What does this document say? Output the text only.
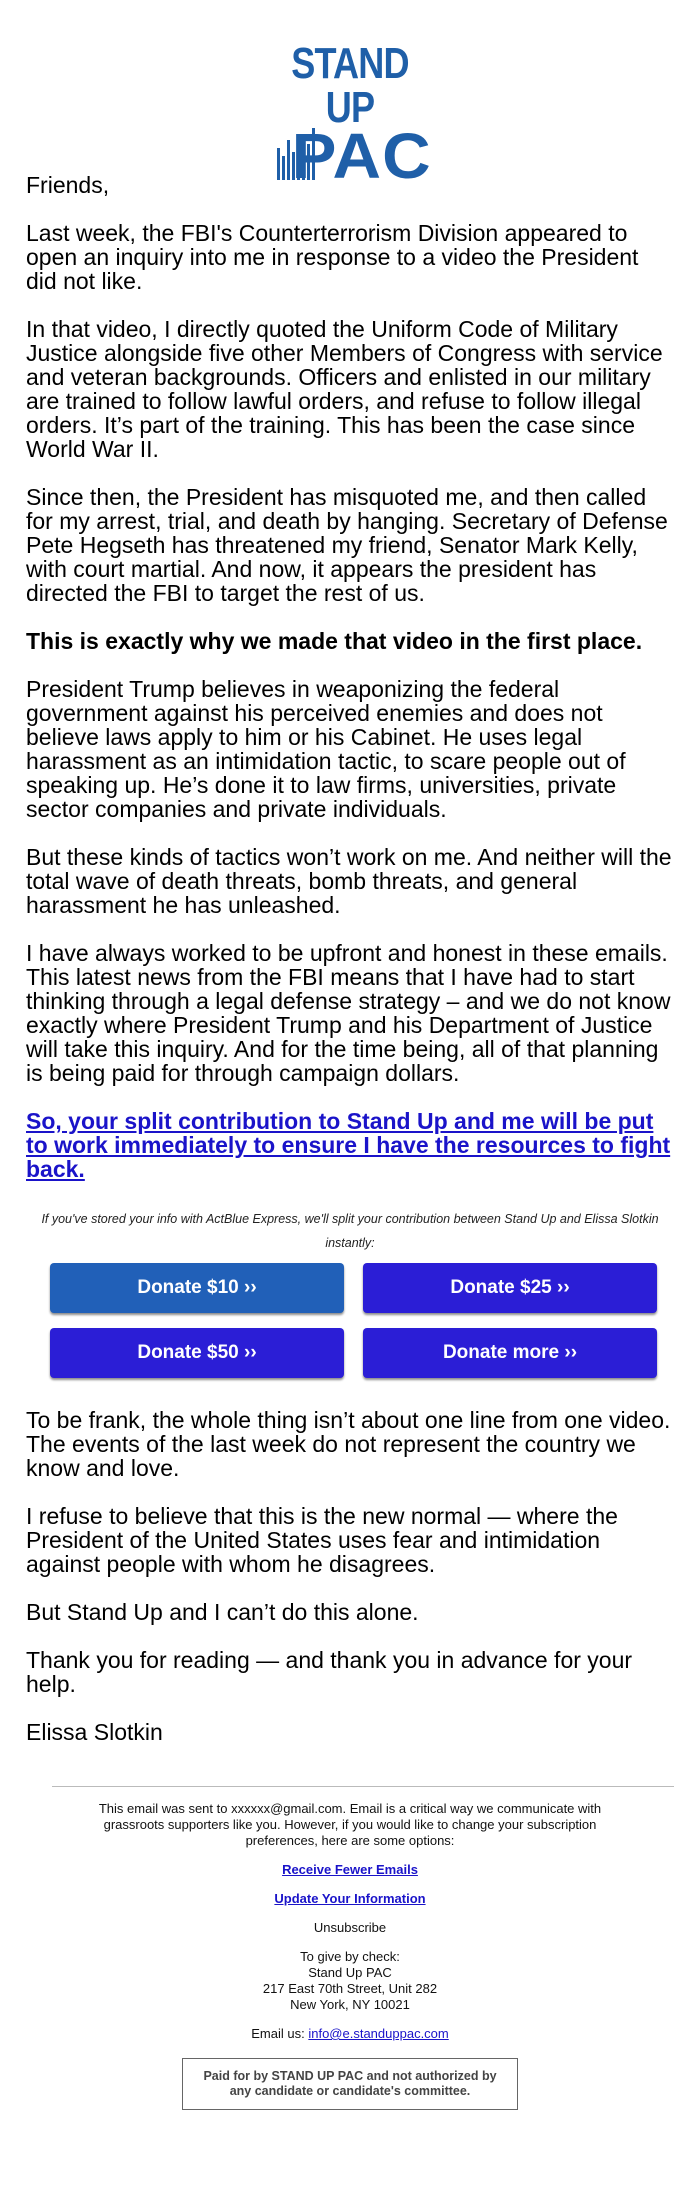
STAND UP
PAC

Friends,

Last week, the FBI's Counterterrorism Division appeared to open an inquiry into me in response to a video the President did not like.

In that video, I directly quoted the Uniform Code of Military Justice alongside five other Members of Congress with service and veteran backgrounds. Officers and enlisted in our military are trained to follow lawful orders, and refuse to follow illegal orders. It’s part of the training. This has been the case since World War II.

Since then, the President has misquoted me, and then called for my arrest, trial, and death by hanging. Secretary of Defense Pete Hegseth has threatened my friend, Senator Mark Kelly, with court martial. And now, it appears the president has directed the FBI to target the rest of us.

This is exactly why we made that video in the first place.

President Trump believes in weaponizing the federal government against his perceived enemies and does not believe laws apply to him or his Cabinet. He uses legal harassment as an intimidation tactic, to scare people out of speaking up. He’s done it to law firms, universities, private sector companies and private individuals.

But these kinds of tactics won’t work on me. And neither will the total wave of death threats, bomb threats, and general harassment he has unleashed.

I have always worked to be upfront and honest in these emails. This latest news from the FBI means that I have had to start thinking through a legal defense strategy – and we do not know exactly where President Trump and his Department of Justice will take this inquiry. And for the time being, all of that planning is being paid for through campaign dollars.

So, your split contribution to Stand Up and me will be put to work immediately to ensure I have the resources to fight back.
If you've stored your info with ActBlue Express, we'll split your contribution between Stand Up and Elissa Slotkin instantly:
Donate $10 ››	Donate $25 ››
Donate $50 ››	Donate more ››

To be frank, the whole thing isn’t about one line from one video. The events of the last week do not represent the country we know and love.

I refuse to believe that this is the new normal — where the President of the United States uses fear and intimidation against people with whom he disagrees.

But Stand Up and I can’t do this alone.

Thank you for reading — and thank you in advance for your help.

Elissa Slotkin

This email was sent to xxxxxx@gmail.com. Email is a critical way we communicate with grassroots supporters like you. However, if you would like to change your subscription preferences, here are some options:

Receive Fewer Emails

Update Your Information

Unsubscribe

To give by check:

Stand Up PAC

217 East 70th Street, Unit 282

New York, NY 10021

Email us: info@e.standuppac.com

Paid for by STAND UP PAC and not authorized by any candidate or candidate's committee.
